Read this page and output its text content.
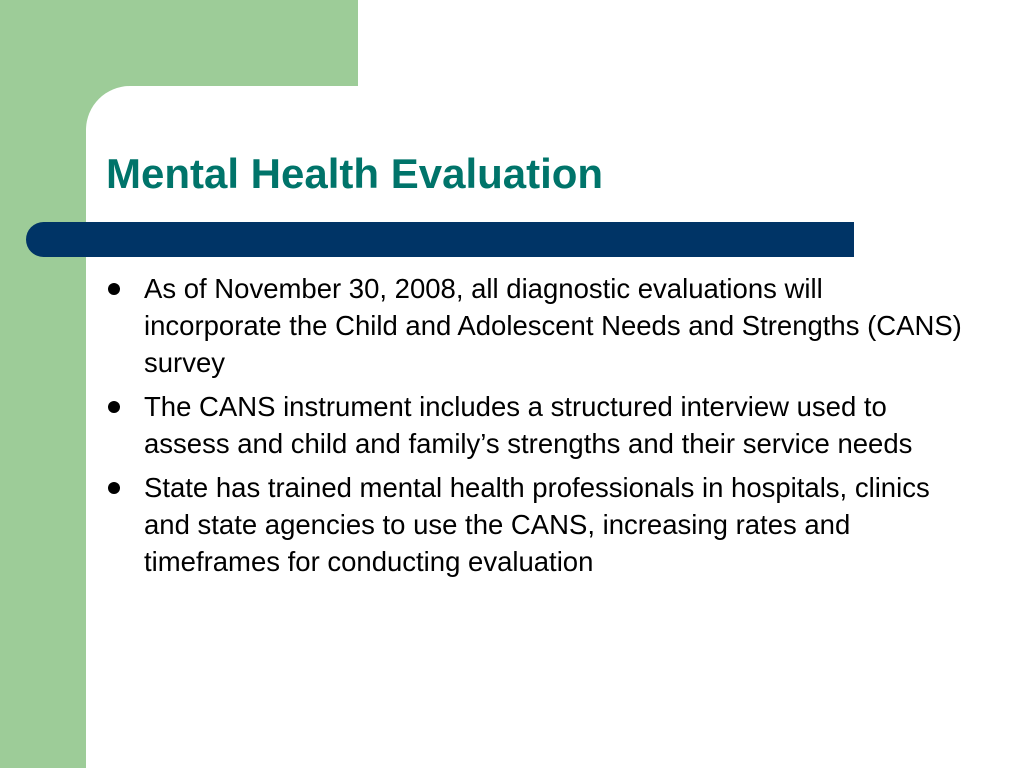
Mental Health Evaluation
As of November 30, 2008, all diagnostic evaluations will incorporate the Child and Adolescent Needs and Strengths (CANS) survey
The CANS instrument includes a structured interview used to assess and child and family’s strengths and their service needs
State has trained mental health professionals in hospitals, clinics and state agencies to use the CANS, increasing rates and timeframes for conducting evaluation
